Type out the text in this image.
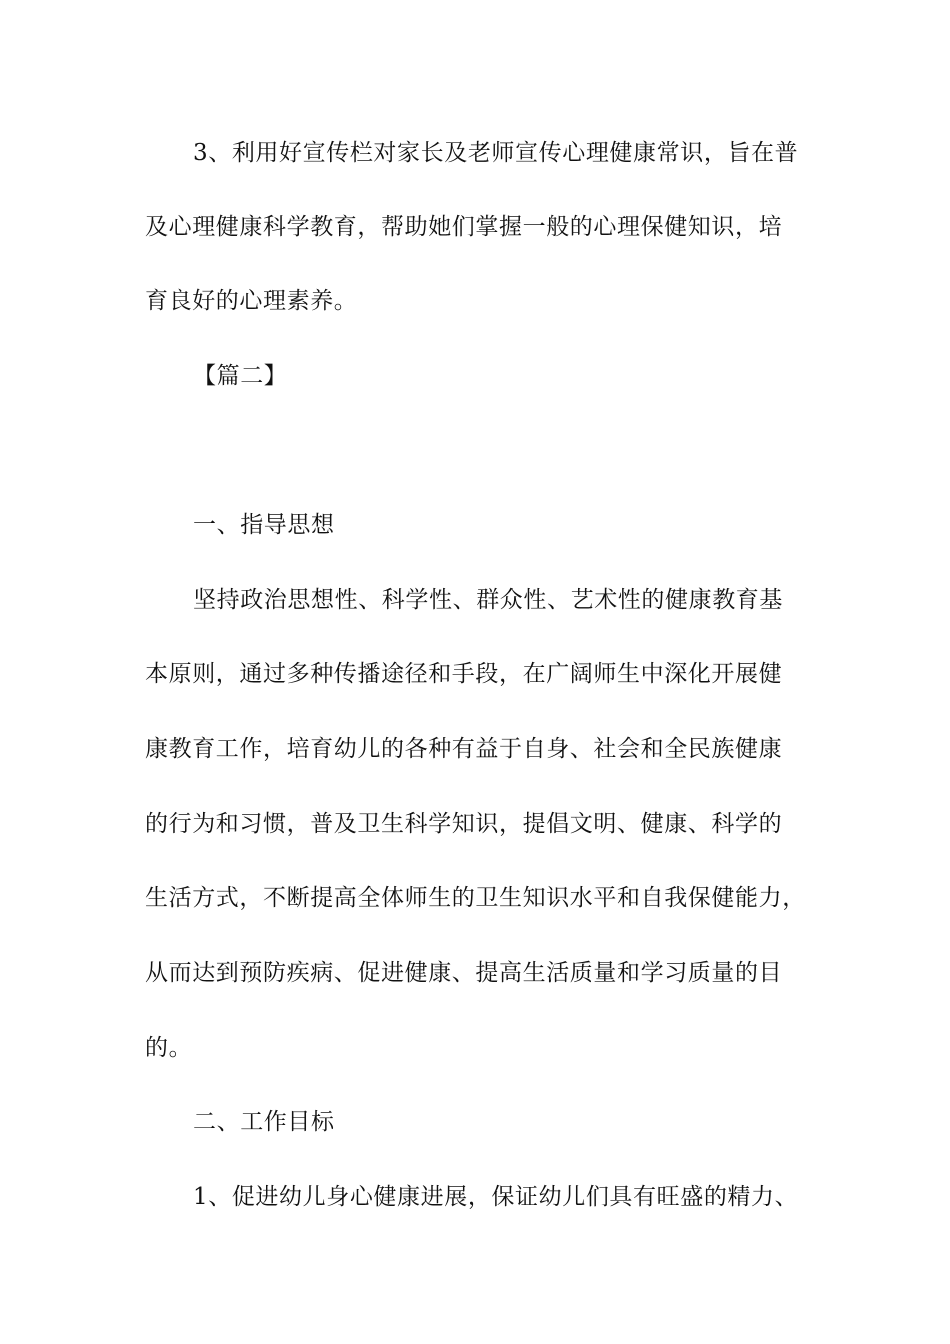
3、利用好宣传栏对家长及老师宣传心理健康常识，旨在普
及心理健康科学教育，帮助她们掌握一般的心理保健知识，培
育良好的心理素养。
【篇二】
一、指导思想
坚持政治思想性、科学性、群众性、艺术性的健康教育基
本原则，通过多种传播途径和手段，在广阔师生中深化开展健
康教育工作，培育幼儿的各种有益于自身、社会和全民族健康
的行为和习惯，普及卫生科学知识，提倡文明、健康、科学的
生活方式，不断提高全体师生的卫生知识水平和自我保健能力，
从而达到预防疾病、促进健康、提高生活质量和学习质量的目
的。
二、工作目标
1、促进幼儿身心健康进展，保证幼儿们具有旺盛的精力、
